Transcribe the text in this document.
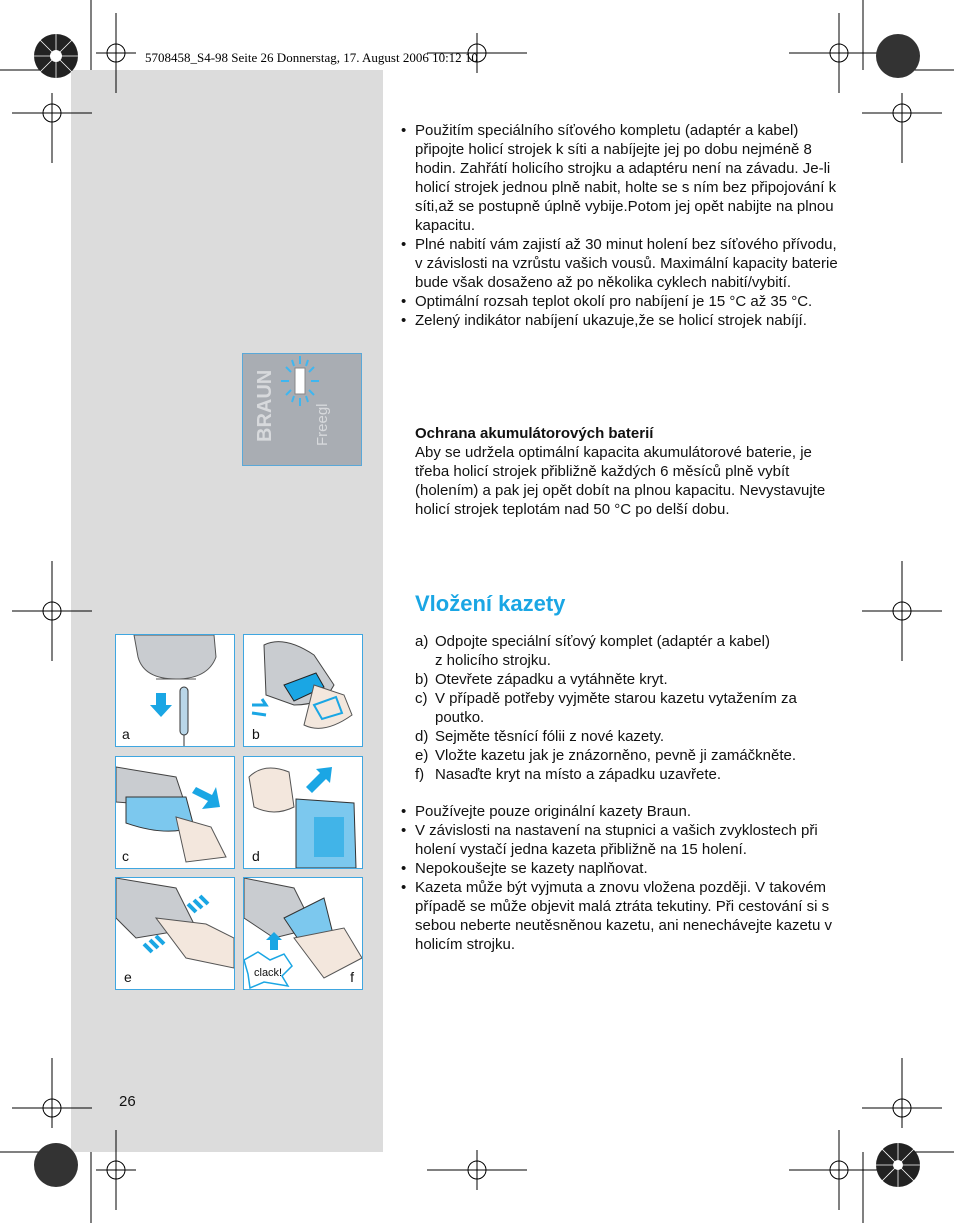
5708458_S4-98 Seite 26 Donnerstag, 17. August 2006 10:12 10
BRAUN	Freegl
a	b
c	d
e	clack!	f
• Použitím speciálního síťového kompletu (adaptér a kabel) připojte holicí strojek k síti a nabíjejte jej po dobu nejméně 8 hodin. Zahřátí holicího strojku a adaptéru není na závadu. Je-li holicí strojek jednou plně nabit, holte se s ním bez připojování k síti,až se postupně úplně vybije.Potom jej opět nabijte na plnou kapacitu.
• Plné nabití vám zajistí až 30 minut holení bez síťového přívodu, v závislosti na vzrůstu vašich vousů. Maximální kapacity baterie bude však dosaženo až po několika cyklech nabití/vybití.
• Optimální rozsah teplot okolí pro nabíjení je 15 °C až 35 °C.
• Zelený indikátor nabíjení ukazuje,že se holicí strojek nabíjí.
Ochrana akumulátorových baterií
Aby se udržela optimální kapacita akumulátorové baterie, je třeba holicí strojek přibližně každých 6 měsíců plně vybít (holením) a pak jej opět dobít na plnou kapacitu. Nevystavujte holicí strojek teplotám nad 50 °C po delší dobu.
Vložení kazety
a) Odpojte speciální síťový komplet (adaptér a kabel)
z holicího strojku.
b) Otevřete západku a vytáhněte kryt.
c) V případě potřeby vyjměte starou kazetu vytažením za
poutko.
d) Sejměte těsnící fólii z nové kazety.
e) Vložte kazetu jak je znázorněno, pevně ji zamáčkněte.
f) Nasaďte kryt na místo a západku uzavřete.
• Používejte pouze originální kazety Braun.
• V závislosti na nastavení na stupnici a vašich zvyklostech při holení vystačí jedna kazeta přibližně na 15 holení.
• Nepokoušejte se kazety naplňovat.
• Kazeta může být vyjmuta a znovu vložena později. V takovém případě se může objevit malá ztráta tekutiny. Při cestování si s sebou neberte neutěsněnou kazetu, ani nenechávejte kazetu v holicím strojku.
26
